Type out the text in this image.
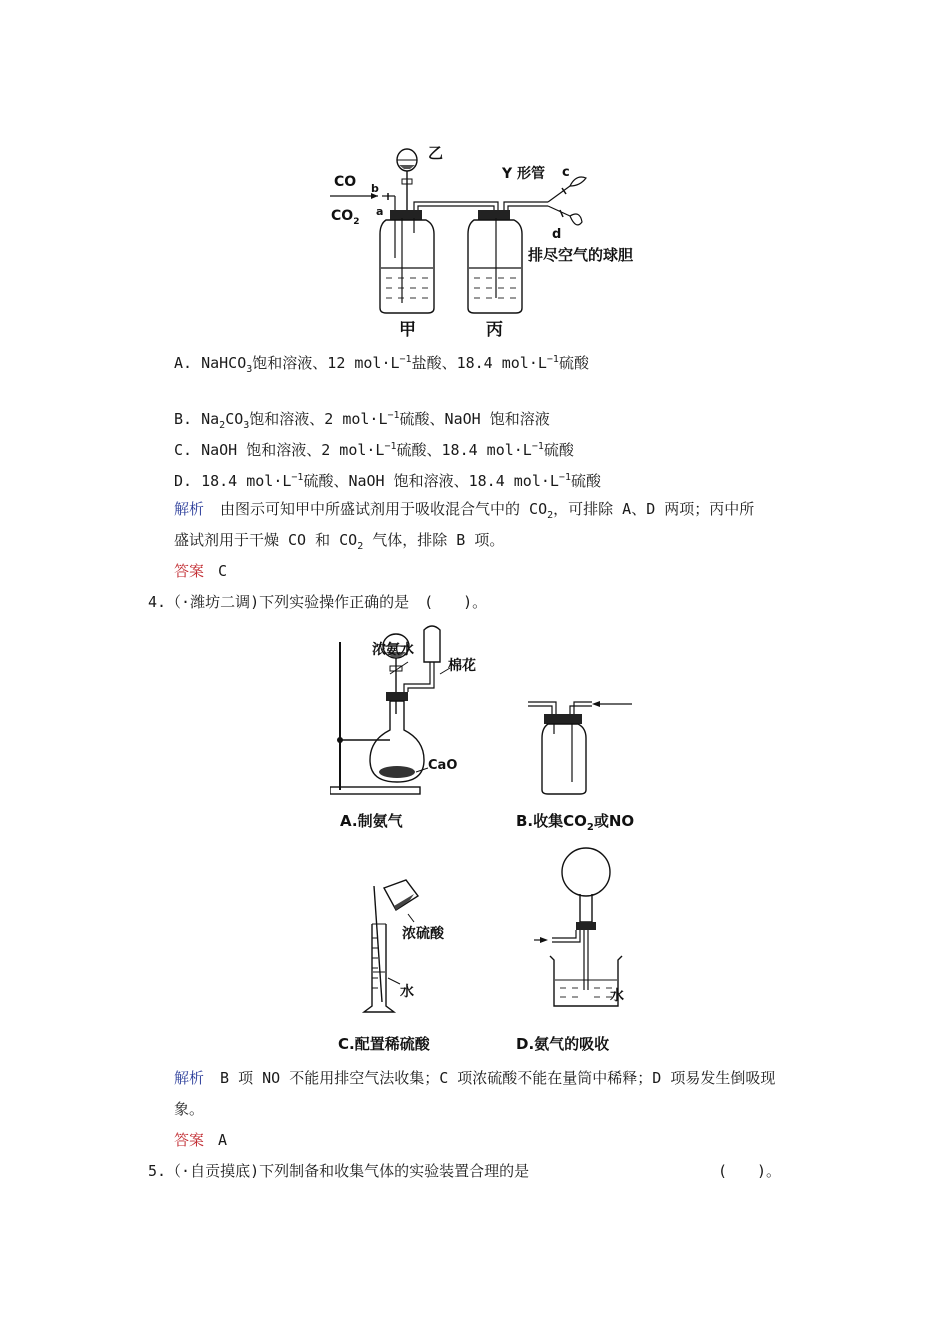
乙
CO
$CO_2$
b
a
Y 形管 c
d
排尽空气的球胆
甲	丙
A. NaHCO$_3$饱和溶液、12 $mol\cdot L^{-1}$盐酸、18.4 $mol\cdot L^{-1}$硫酸
B. $Na_2CO_3$饱和溶液、2 $mol\cdot L^{-1}$硫酸、NaOH 饱和溶液
C. NaOH 饱和溶液、2 $mol\cdot L^{-1}$硫酸、18.4 $mol\cdot L^{-1}$硫酸
D. 18.4 $mol\cdot L^{-1}$硫酸、NaOH 饱和溶液、18.4 $mol\cdot L^{-1}$硫酸
解析 由图示可知甲中所盛试剂用于吸收混合气中的 $CO_2$，可排除 A、D 两项；丙中所
盛试剂用于干燥 CO 和 $CO_2$ 气体，排除 B 项。
答案 C
4.（·潍坊二调)下列实验操作正确的是　(　　)。
浓氨水
棉花
CaO
A.制氨气	B.收集$CO_2$或NO
浓硫酸
水
C.配置稀硫酸
水
D.氨气的吸收
解析 B 项 NO 不能用排空气法收集；C 项浓硫酸不能在量筒中稀释；D 项易发生倒吸现
象。
答案 A
5.（·自贡摸底)下列制备和收集气体的实验装置合理的是	(　　)。
